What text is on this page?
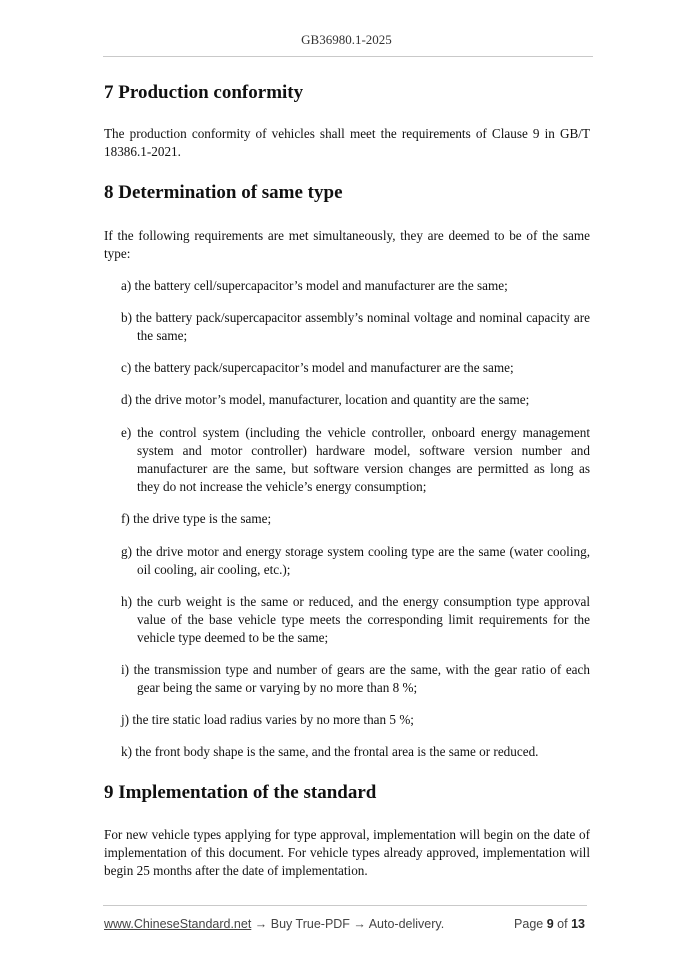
GB36980.1-2025
7 Production conformity
The production conformity of vehicles shall meet the requirements of Clause 9 in GB/T 18386.1-2021.
8 Determination of same type
If the following requirements are met simultaneously, they are deemed to be of the same type:
a) the battery cell/supercapacitor’s model and manufacturer are the same;
b) the battery pack/supercapacitor assembly’s nominal voltage and nominal capacity are the same;
c) the battery pack/supercapacitor’s model and manufacturer are the same;
d) the drive motor’s model, manufacturer, location and quantity are the same;
e) the control system (including the vehicle controller, onboard energy management system and motor controller) hardware model, software version number and manufacturer are the same, but software version changes are permitted as long as they do not increase the vehicle’s energy consumption;
f) the drive type is the same;
g) the drive motor and energy storage system cooling type are the same (water cooling, oil cooling, air cooling, etc.);
h) the curb weight is the same or reduced, and the energy consumption type approval value of the base vehicle type meets the corresponding limit requirements for the vehicle type deemed to be the same;
i) the transmission type and number of gears are the same, with the gear ratio of each gear being the same or varying by no more than 8 %;
j) the tire static load radius varies by no more than 5 %;
k) the front body shape is the same, and the frontal area is the same or reduced.
9 Implementation of the standard
For new vehicle types applying for type approval, implementation will begin on the date of implementation of this document. For vehicle types already approved, implementation will begin 25 months after the date of implementation.
www.ChineseStandard.net → Buy True-PDF → Auto-delivery.	Page 9 of 13
